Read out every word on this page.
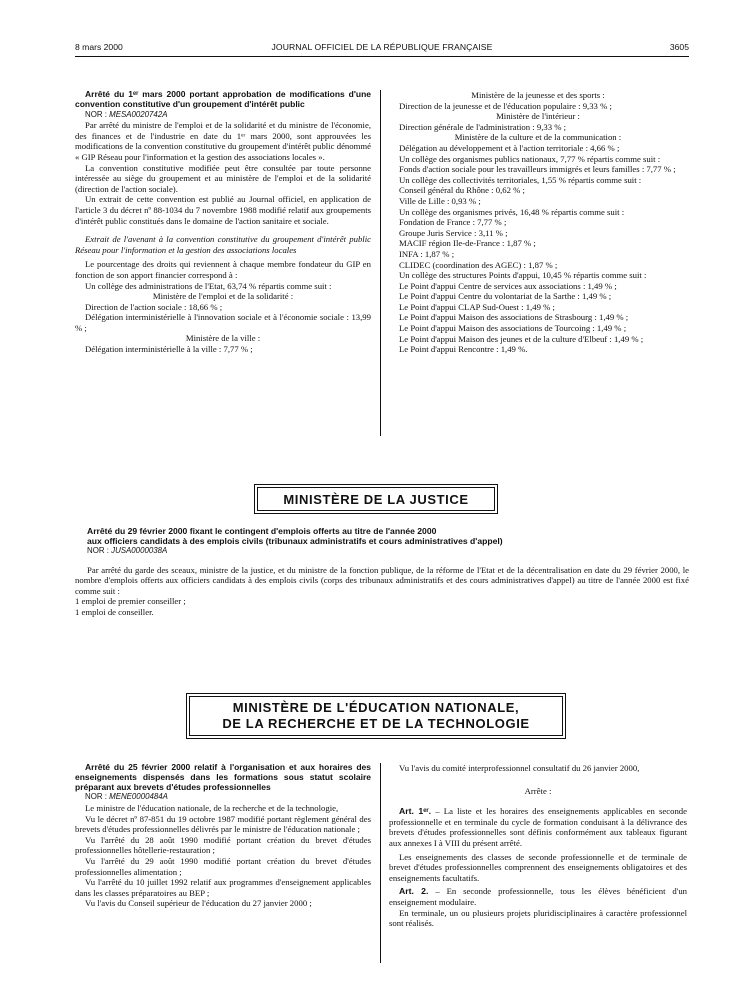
8 mars 2000	JOURNAL OFFICIEL DE LA RÉPUBLIQUE FRANÇAISE	3605

Arrêté du 1ᵉʳ mars 2000 portant approbation de modifications d'une convention constitutive d'un groupement d'intérêt public

NOR : MESA0020742A

Par arrêté du ministre de l'emploi et de la solidarité et du ministre de l'économie, des finances et de l'industrie en date du 1ᵉʳ mars 2000, sont approuvées les modifications de la convention constitutive du groupement d'intérêt public dénommé « GIP Réseau pour l'information et la gestion des associations locales ».

La convention constitutive modifiée peut être consultée par toute personne intéressée au siège du groupement et au ministère de l'emploi et de la solidarité (direction de l'action sociale).

Un extrait de cette convention est publié au Journal officiel, en application de l'article 3 du décret nº 88-1034 du 7 novembre 1988 modifié relatif aux groupements d'intérêt public constitués dans le domaine de l'action sanitaire et sociale.

Extrait de l'avenant à la convention constitutive du groupement d'intérêt public Réseau pour l'information et la gestion des associations locales

Le pourcentage des droits qui reviennent à chaque membre fondateur du GIP en fonction de son apport financier correspond à :

Un collège des administrations de l'Etat, 63,74 % répartis comme suit :

Ministère de l'emploi et de la solidarité :

Direction de l'action sociale : 18,66 % ;

Délégation interministérielle à l'innovation sociale et à l'économie sociale : 13,99 % ;

Ministère de la ville :

Délégation interministérielle à la ville : 7,77 % ;

Ministère de la jeunesse et des sports :

Direction de la jeunesse et de l'éducation populaire : 9,33 % ;

Ministère de l'intérieur :

Direction générale de l'administration : 9,33 % ;

Ministère de la culture et de la communication :

Délégation au développement et à l'action territoriale : 4,66 % ;

Un collège des organismes publics nationaux, 7,77 % répartis comme suit :

Fonds d'action sociale pour les travailleurs immigrés et leurs familles : 7,77 % ;

Un collège des collectivités territoriales, 1,55 % répartis comme suit :

Conseil général du Rhône : 0,62 % ;

Ville de Lille : 0,93 % ;

Un collège des organismes privés, 16,48 % répartis comme suit :

Fondation de France : 7,77 % ;

Groupe Juris Service : 3,11 % ;

MACIF région Ile-de-France : 1,87 % ;

INFA : 1,87 % ;

CLIDEC (coordination des AGEC) : 1,87 % ;

Un collège des structures Points d'appui, 10,45 % répartis comme suit :

Le Point d'appui Centre de services aux associations : 1,49 % ;

Le Point d'appui Centre du volontariat de la Sarthe : 1,49 % ;

Le Point d'appui CLAP Sud-Ouest : 1,49 % ;

Le Point d'appui Maison des associations de Strasbourg : 1,49 % ;

Le Point d'appui Maison des associations de Tourcoing : 1,49 % ;

Le Point d'appui Maison des jeunes et de la culture d'Elbeuf : 1,49 % ;

Le Point d'appui Rencontre : 1,49 %.

MINISTÈRE DE LA JUSTICE

Arrêté du 29 février 2000 fixant le contingent d'emplois offerts au titre de l'année 2000

aux officiers candidats à des emplois civils (tribunaux administratifs et cours administratives d'appel)

NOR : JUSA0000038A

Par arrêté du garde des sceaux, ministre de la justice, et du ministre de la fonction publique, de la réforme de l'Etat et de la décentralisation en date du 29 février 2000, le nombre d'emplois offerts aux officiers candidats à des emplois civils (corps des tribunaux administratifs et des cours administratives d'appel) au titre de l'année 2000 est fixé comme suit :

1 emploi de premier conseiller ;

1 emploi de conseiller.

MINISTÈRE DE L'ÉDUCATION NATIONALE,
DE LA RECHERCHE ET DE LA TECHNOLOGIE

Arrêté du 25 février 2000 relatif à l'organisation et aux horaires des enseignements dispensés dans les formations sous statut scolaire préparant aux brevets d'études professionnelles

NOR : MENE0000484A

Le ministre de l'éducation nationale, de la recherche et de la technologie,

Vu le décret nº 87-851 du 19 octobre 1987 modifié portant règlement général des brevets d'études professionnelles délivrés par le ministre de l'éducation nationale ;

Vu l'arrêté du 28 août 1990 modifié portant création du brevet d'études professionnelles hôtellerie-restauration ;

Vu l'arrêté du 29 août 1990 modifié portant création du brevet d'études professionnelles alimentation ;

Vu l'arrêté du 10 juillet 1992 relatif aux programmes d'enseignement applicables dans les classes préparatoires au BEP ;

Vu l'avis du Conseil supérieur de l'éducation du 27 janvier 2000 ;

Vu l'avis du comité interprofessionnel consultatif du 26 janvier 2000,

Arrête :

Art. 1ᵉʳ. – La liste et les horaires des enseignements applicables en seconde professionnelle et en terminale du cycle de formation conduisant à la délivrance des brevets d'études professionnelles sont définis conformément aux tableaux figurant aux annexes I à VIII du présent arrêté.

Les enseignements des classes de seconde professionnelle et de terminale de brevet d'études professionnelles comprennent des enseignements obligatoires et des enseignements facultatifs.

Art. 2. – En seconde professionnelle, tous les élèves bénéficient d'un enseignement modulaire.

En terminale, un ou plusieurs projets pluridisciplinaires à caractère professionnel sont réalisés.
